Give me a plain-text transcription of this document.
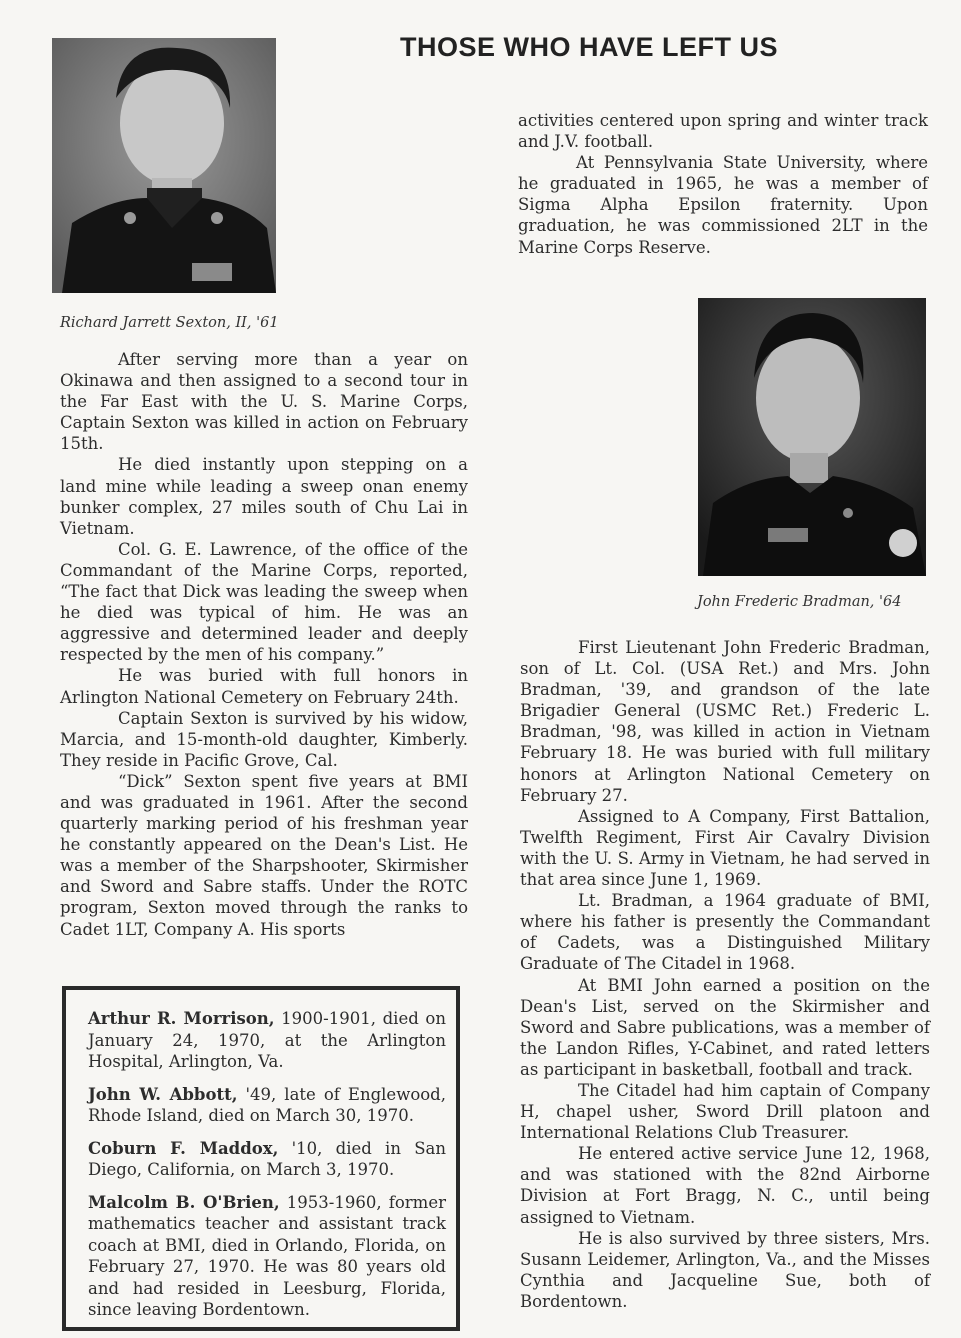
THOSE WHO HAVE LEFT US
Richard Jarrett Sexton, II, '61

After serving more than a year on Okinawa and then assigned to a second tour in the Far East with the U. S. Marine Corps, Captain Sexton was killed in action on February 15th.

He died instantly upon stepping on a land mine while leading a sweep onan enemy bunker complex, 27 miles south of Chu Lai in Vietnam.

Col. G. E. Lawrence, of the office of the Commandant of the Marine Corps, reported, “The fact that Dick was leading the sweep when he died was typical of him. He was an aggressive and determined leader and deeply respected by the men of his company.”

He was buried with full honors in Arlington National Cemetery on February 24th.

Captain Sexton is survived by his widow, Marcia, and 15-month-old daughter, Kimberly. They reside in Pacific Grove, Cal.

“Dick” Sexton spent five years at BMI and was graduated in 1961. After the second quarterly marking period of his freshman year he constantly appeared on the Dean's List. He was a member of the Sharpshooter, Skirmisher and Sword and Sabre staffs. Under the ROTC program, Sexton moved through the ranks to Cadet 1LT, Company A. His sports

Arthur R. Morrison, 1900-1901, died on January 24, 1970, at the Arlington Hospital, Arlington, Va.

John W. Abbott, '49, late of Englewood, Rhode Island, died on March 30, 1970.

Coburn F. Maddox, '10, died in San Diego, California, on March 3, 1970.

Malcolm B. O'Brien, 1953-1960, former mathematics teacher and assistant track coach at BMI, died in Orlando, Florida, on February 27, 1970. He was 80 years old and had resided in Leesburg, Florida, since leaving Bordentown.

activities centered upon spring and winter track and J.V. football.

At Pennsylvania State University, where he graduated in 1965, he was a member of Sigma Alpha Epsilon fraternity. Upon graduation, he was commissioned 2LT in the Marine Corps Reserve.

John Frederic Bradman, '64

First Lieutenant John Frederic Bradman, son of Lt. Col. (USA Ret.) and Mrs. John Bradman, '39, and grandson of the late Brigadier General (USMC Ret.) Frederic L. Bradman, '98, was killed in action in Vietnam February 18. He was buried with full military honors at Arlington National Cemetery on February 27.

Assigned to A Company, First Battalion, Twelfth Regiment, First Air Cavalry Division with the U. S. Army in Vietnam, he had served in that area since June 1, 1969.

Lt. Bradman, a 1964 graduate of BMI, where his father is presently the Commandant of Cadets, was a Distinguished Military Graduate of The Citadel in 1968.

At BMI John earned a position on the Dean's List, served on the Skirmisher and Sword and Sabre publications, was a member of the Landon Rifles, Y-Cabinet, and rated letters as participant in basketball, football and track.

The Citadel had him captain of Company H, chapel usher, Sword Drill platoon and International Relations Club Treasurer.

He entered active service June 12, 1968, and was stationed with the 82nd Airborne Division at Fort Bragg, N. C., until being assigned to Vietnam.

He is also survived by three sisters, Mrs. Susann Leidemer, Arlington, Va., and the Misses Cynthia and Jacqueline Sue, both of Bordentown.
